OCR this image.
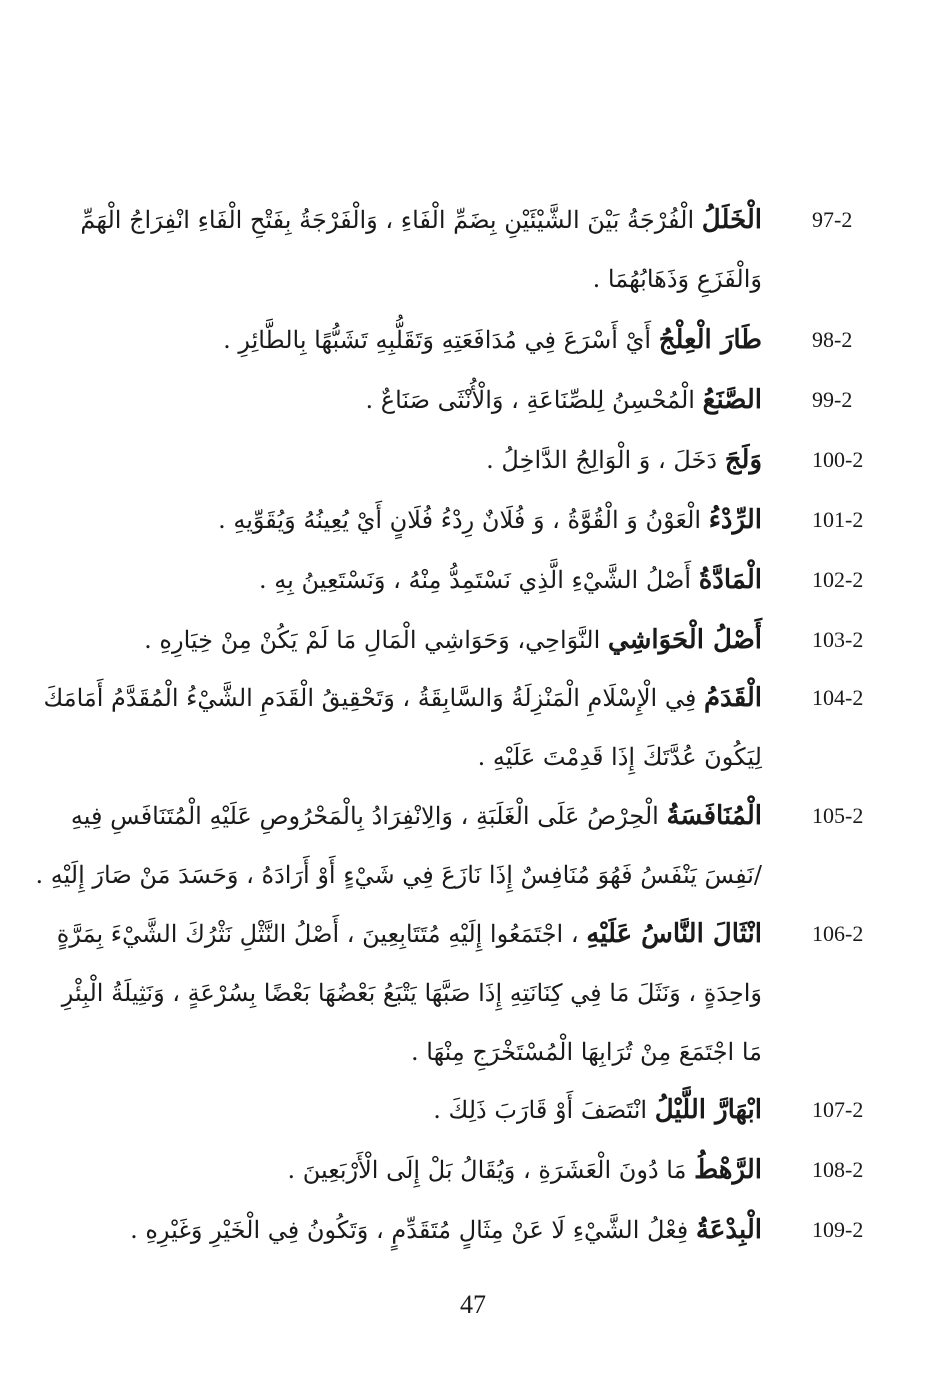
97-2
الْخَلَلُ الْفُرْجَةُ بَيْنَ الشَّيْئَيْنِ بِضَمِّ الْفَاءِ ، وَالْفَرْجَةُ بِفَتْحِ الْفَاءِ انْفِرَاجُ الْهَمِّ
وَالْفَزَعِ وَذَهَابُهُمَا .
98-2
طَارَ الْعِلْجُ أَيْ أَسْرَعَ فِي مُدَافَعَتِهِ وَتَقَلُّبِهِ تَشَبُّهًا بِالطَّائِرِ .
99-2
الصَّنَعُ الْمُحْسِنُ لِلصِّنَاعَةِ ، وَالْأُنْثَى صَنَاعٌ .
100-2
وَلَجَ دَخَلَ ، وَ الْوَالِجُ الدَّاخِلُ .
101-2
الرِّدْءُ الْعَوْنُ وَ الْقُوَّةُ ، وَ فُلَانٌ رِدْءُ فُلَانٍ أَيْ يُعِينُهُ وَيُقَوِّيهِ .
102-2
الْمَادَّةُ أَصْلُ الشَّيْءِ الَّذِي نَسْتَمِدُّ مِنْهُ ، وَنَسْتَعِينُ بِهِ .
103-2
أَصْلُ الْحَوَاشِي النَّوَاحِي، وَحَوَاشِي الْمَالِ مَا لَمْ يَكُنْ مِنْ خِيَارِهِ .
104-2
الْقَدَمُ فِي الْإِسْلَامِ الْمَنْزِلَةُ وَالسَّابِقَةُ ، وَتَحْقِيقُ الْقَدَمِ الشَّيْءُ الْمُقَدَّمُ أَمَامَكَ
لِيَكُونَ عُدَّتَكَ إِذَا قَدِمْتَ عَلَيْهِ .
105-2
الْمُنَافَسَةُ الْحِرْصُ عَلَى الْغَلَبَةِ ، وَالِانْفِرَادُ بِالْمَحْرُوصِ عَلَيْهِ الْمُتَنَافَسِ فِيهِ
/نَفِسَ يَنْفَسُ فَهُوَ مُنَافِسٌ إِذَا نَازَعَ فِي شَيْءٍ أَوْ أَرَادَهُ ، وَحَسَدَ مَنْ صَارَ إِلَيْهِ .
106-2
انْثَالَ النَّاسُ عَلَيْهِ ، اجْتَمَعُوا إِلَيْهِ مُتَتَابِعِينَ ، أَصْلُ النَّثْلِ نَثْرُكَ الشَّيْءَ بِمَرَّةٍ
وَاحِدَةٍ ، وَنَثَلَ مَا فِي كِنَانَتِهِ إِذَا صَبَّهَا يَتْبَعُ بَعْضُهَا بَعْضًا بِسُرْعَةٍ ، وَنَثِيلَةُ الْبِئْرِ
مَا اجْتَمَعَ مِنْ تُرَابِهَا الْمُسْتَخْرَجِ مِنْهَا .
107-2
ابْهَارَّ اللَّيْلُ انْتَصَفَ أَوْ قَارَبَ ذَلِكَ .
108-2
الرَّهْطُ مَا دُونَ الْعَشَرَةِ ، وَيُقَالُ بَلْ إِلَى الْأَرْبَعِينَ .
109-2
الْبِدْعَةُ فِعْلُ الشَّيْءِ لَا عَنْ مِثَالٍ مُتَقَدِّمٍ ، وَتَكُونُ فِي الْخَيْرِ وَغَيْرِهِ .
47
